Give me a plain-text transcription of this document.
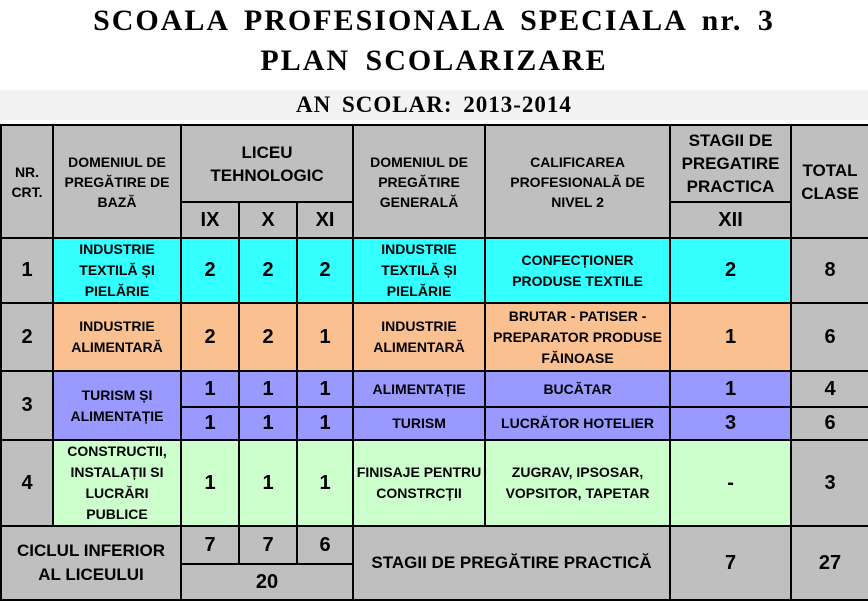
SCOALA PROFESIONALA SPECIALA nr. 3
PLAN SCOLARIZARE
AN SCOLAR: 2013-2014
NR. CRT.	DOMENIUL DE PREGĂTIRE DE BAZĂ	LICEU TEHNOLOGIC			DOMENIUL DE PREGĂTIRE GENERALĂ	CALIFICAREA PROFESIONALĂ DE NIVEL 2	STAGII DE PREGATIRE PRACTICA	TOTAL CLASE
		IX	X	XI			XII	
1	INDUSTRIE TEXTILĂ ȘI PIELĂRIE	2	2	2	INDUSTRIE TEXTILĂ ȘI PIELĂRIE	CONFECȚIONER PRODUSE TEXTILE	2	8
2	INDUSTRIE ALIMENTARĂ	2	2	1	INDUSTRIE ALIMENTARĂ	BRUTAR - PATISER - PREPARATOR PRODUSE FĂINOASE	1	6
3	TURISM ȘI ALIMENTAȚIE	1	1	1	ALIMENTAȚIE	BUCĂTAR	1	4
		1	1	1	TURISM	LUCRĂTOR HOTELIER	3	6
4	CONSTRUCTII, INSTALAȚII SI LUCRĂRI PUBLICE	1	1	1	FINISAJE PENTRU CONSTRCȚII	ZUGRAV, IPSOSAR, VOPSITOR, TAPETAR	-	3
CICLUL INFERIOR AL LICEULUI		7	7	6	STAGII DE PREGĂTIRE PRACTICĂ		7	27
		20						
